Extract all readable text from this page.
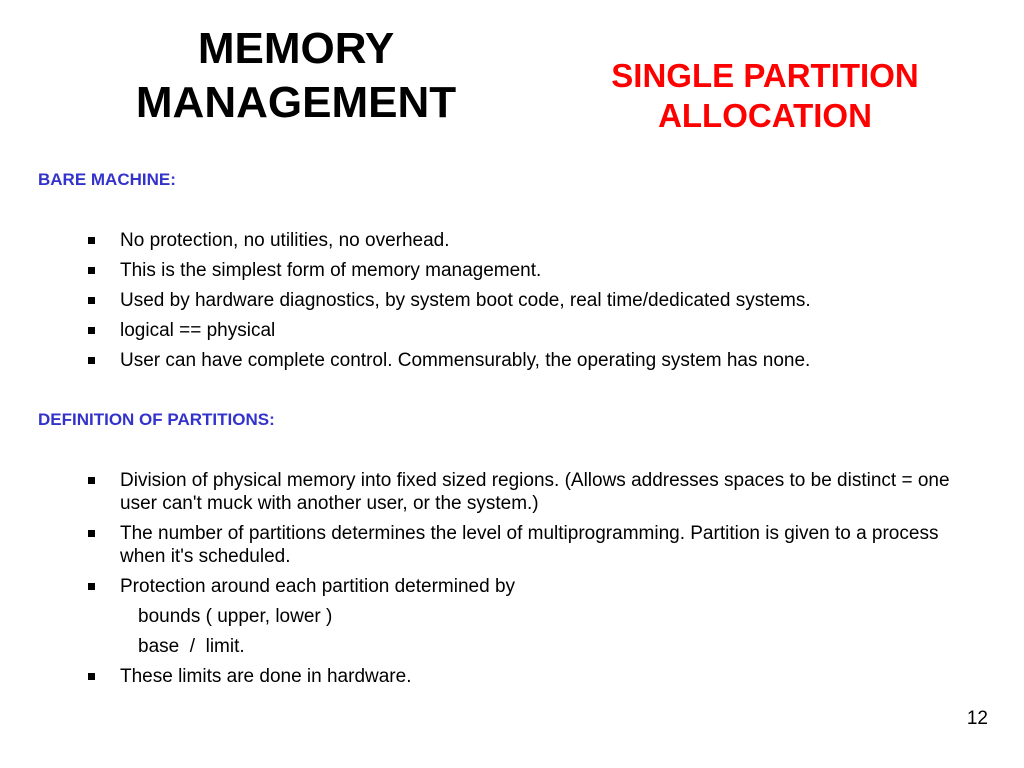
MEMORY
MANAGEMENT
SINGLE PARTITION
ALLOCATION

BARE MACHINE:

No protection, no utilities, no overhead.
This is the simplest form of memory management.
Used by hardware diagnostics, by system boot code, real time/dedicated systems.
logical == physical
User can have complete control. Commensurably, the operating system has none.

DEFINITION OF PARTITIONS:

Division of physical memory into fixed sized regions. (Allows addresses spaces to be distinct = one user can't muck with another user, or the system.)
The number of partitions determines the level of multiprogramming. Partition is given to a process when it's scheduled.
Protection around each partition determined by
bounds ( upper, lower )
base  /  limit.
These limits are done in hardware.

12
